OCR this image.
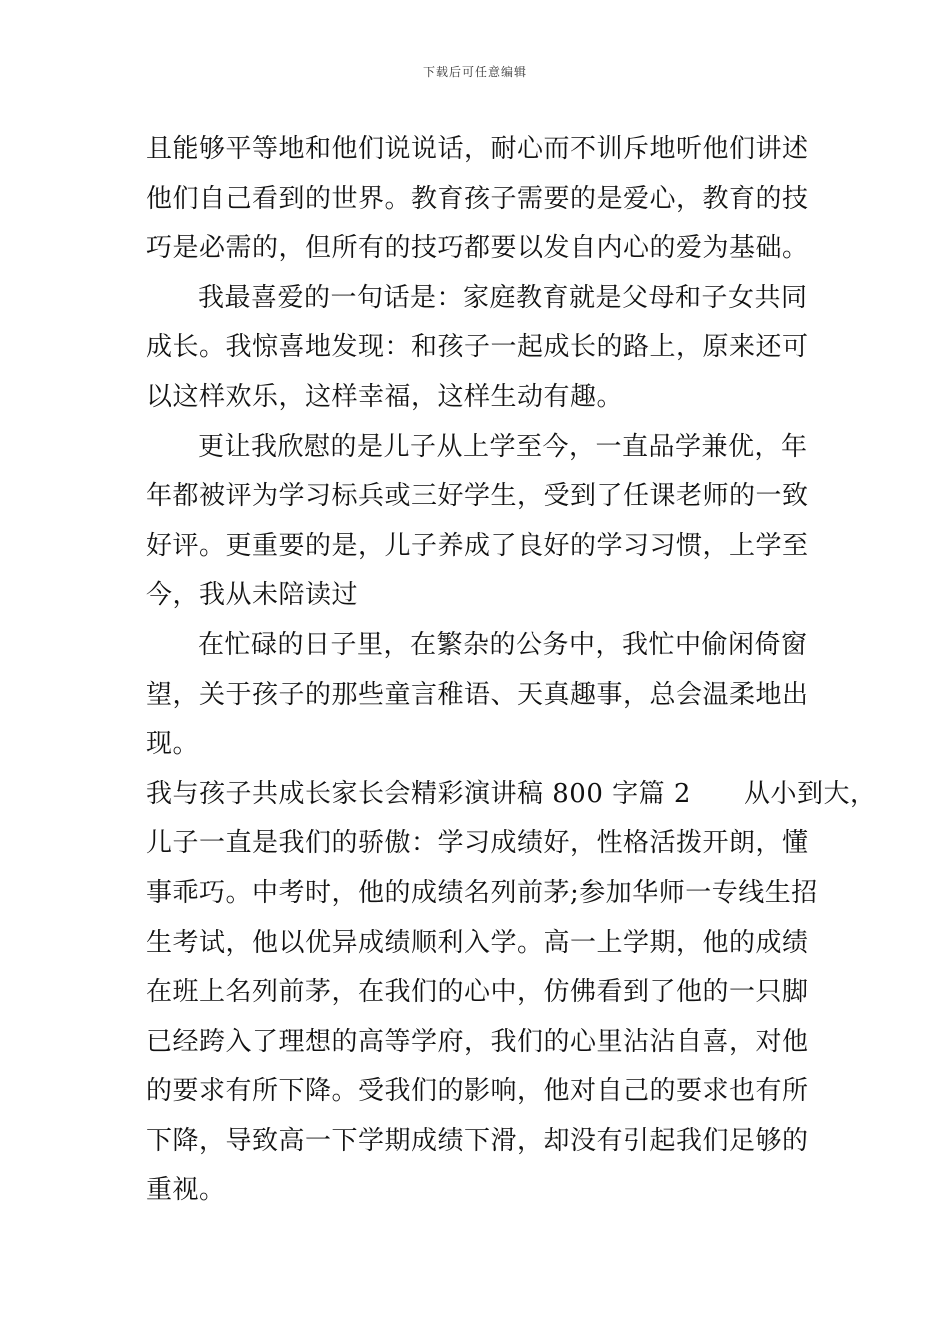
下载后可任意编辑
且能够平等地和他们说说话，耐心而不训斥地听他们讲述
他们自己看到的世界。教育孩子需要的是爱心，教育的技
巧是必需的，但所有的技巧都要以发自内心的爱为基础。
我最喜爱的一句话是：家庭教育就是父母和子女共同
成长。我惊喜地发现：和孩子一起成长的路上，原来还可
以这样欢乐，这样幸福，这样生动有趣。
更让我欣慰的是儿子从上学至今，一直品学兼优，年
年都被评为学习标兵或三好学生，受到了任课老师的一致
好评。更重要的是，儿子养成了良好的学习习惯，上学至
今，我从未陪读过
在忙碌的日子里，在繁杂的公务中，我忙中偷闲倚窗
望，关于孩子的那些童言稚语、天真趣事，总会温柔地出
现。
我与孩子共成长家长会精彩演讲稿 800 字篇 2　　从小到大，
儿子一直是我们的骄傲：学习成绩好，性格活拨开朗，懂
事乖巧。中考时，他的成绩名列前茅;参加华师一专线生招
生考试，他以优异成绩顺利入学。高一上学期，他的成绩
在班上名列前茅，在我们的心中，仿佛看到了他的一只脚
已经跨入了理想的高等学府，我们的心里沾沾自喜，对他
的要求有所下降。受我们的影响，他对自己的要求也有所
下降，导致高一下学期成绩下滑，却没有引起我们足够的
重视。
